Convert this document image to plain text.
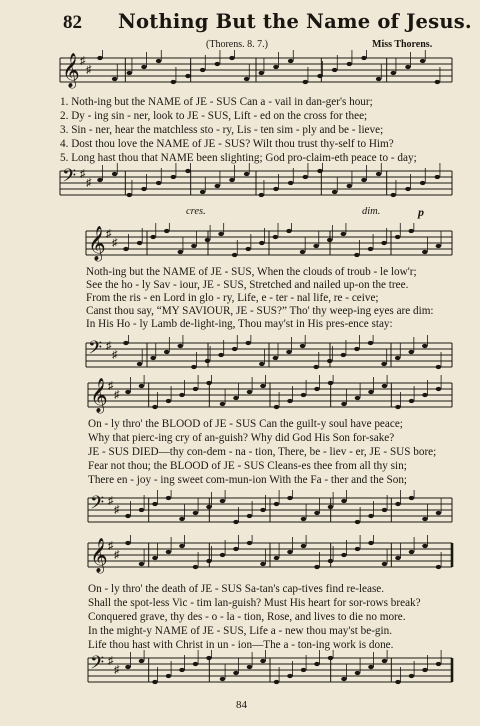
82 Nothing But the Name of Jesus.
(Thorens. 8. 7.)	Miss Thorens.
𝄞 ♯
♯
𝄢 ♯
♯
𝄞 ♯
♯
𝄢 ♯
♯
𝄞 ♯
♯
𝄢 ♯
♯
𝄞 ♯
♯
𝄢 ♯
♯
cres.	dim.	p
1. Noth-ing but the NAME of JE - SUS Can a - vail in dan-ger's hour;
2. Dy - ing sin - ner, look to JE - SUS, Lift - ed on the cross for thee;
3. Sin - ner, hear the matchless sto - ry, Lis - ten sim - ply and be - lieve;
4. Dost thou love the NAME of JE - SUS? Wilt thou trust thy-self to Him?
5. Long hast thou that NAME been slighting; God pro-claim-eth peace to - day;
Noth-ing but the NAME of JE - SUS, When the clouds of troub - le low'r;
See the ho - ly Sav - iour, JE - SUS, Stretched and nailed up-on the tree.
From the ris - en Lord in glo - ry, Life, e - ter - nal life, re - ceive;
Canst thou say, “MY SAVIOUR, JE - SUS?” Tho' thy weep-ing eyes are dim:
In His Ho - ly Lamb de-light-ing, Thou may'st in His pres-ence stay:
On - ly thro' the BLOOD of JE - SUS Can the guilt-y soul have peace;
Why that pierc-ing cry of an-guish? Why did God His Son for-sake?
JE - SUS DIED—thy con-dem - na - tion, There, be - liev - er, JE - SUS bore;
Fear not thou; the BLOOD of JE - SUS Cleans-es thee from all thy sin;
There en - joy - ing sweet com-mun-ion With the Fa - ther and the Son;
On - ly thro' the death of JE - SUS Sa-tan's cap-tives find re-lease.
Shall the spot-less Vic - tim lan-guish? Must His heart for sor-rows break?
Conquered grave, thy des - o - la - tion, Rose, and lives to die no more.
In the might-y NAME of JE - SUS, Life a - new thou may'st be-gin.
Life thou hast with Christ in un - ion—The a - ton-ing work is done.
84
